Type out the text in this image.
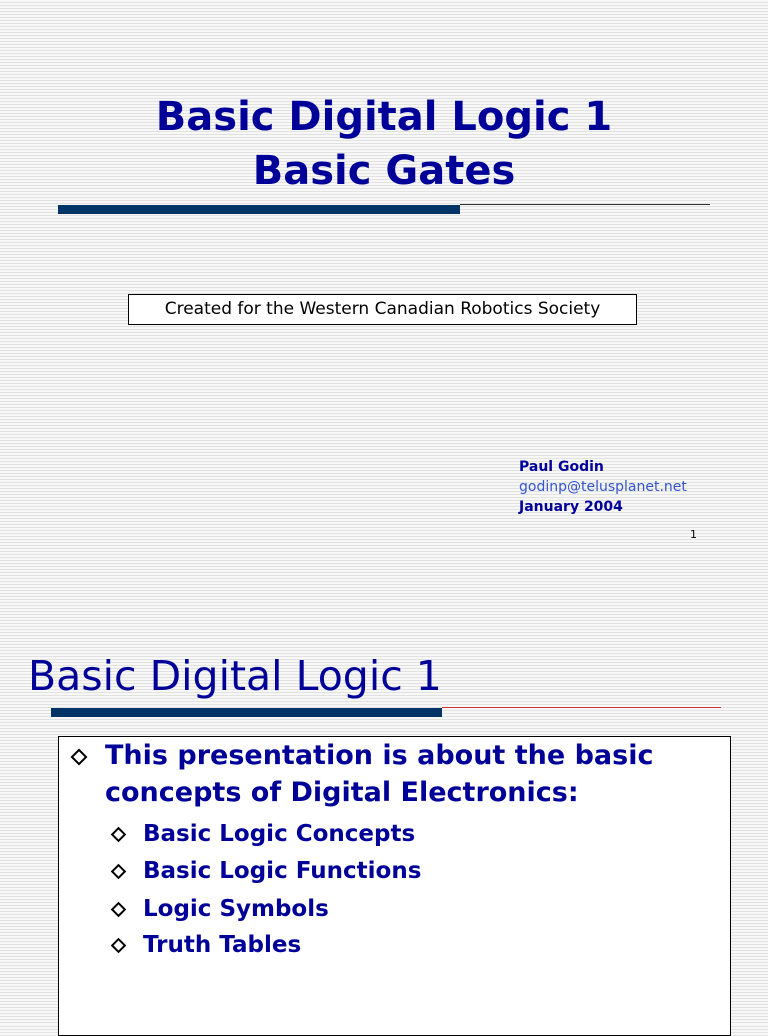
Basic Digital Logic 1
Basic Gates
Created for the Western Canadian Robotics Society
Paul Godin
godinp@telusplanet.net
January 2004
1
Basic Digital Logic 1
This presentation is about the basic concepts of Digital Electronics:
Basic Logic Concepts
Basic Logic Functions
Logic Symbols
Truth Tables
